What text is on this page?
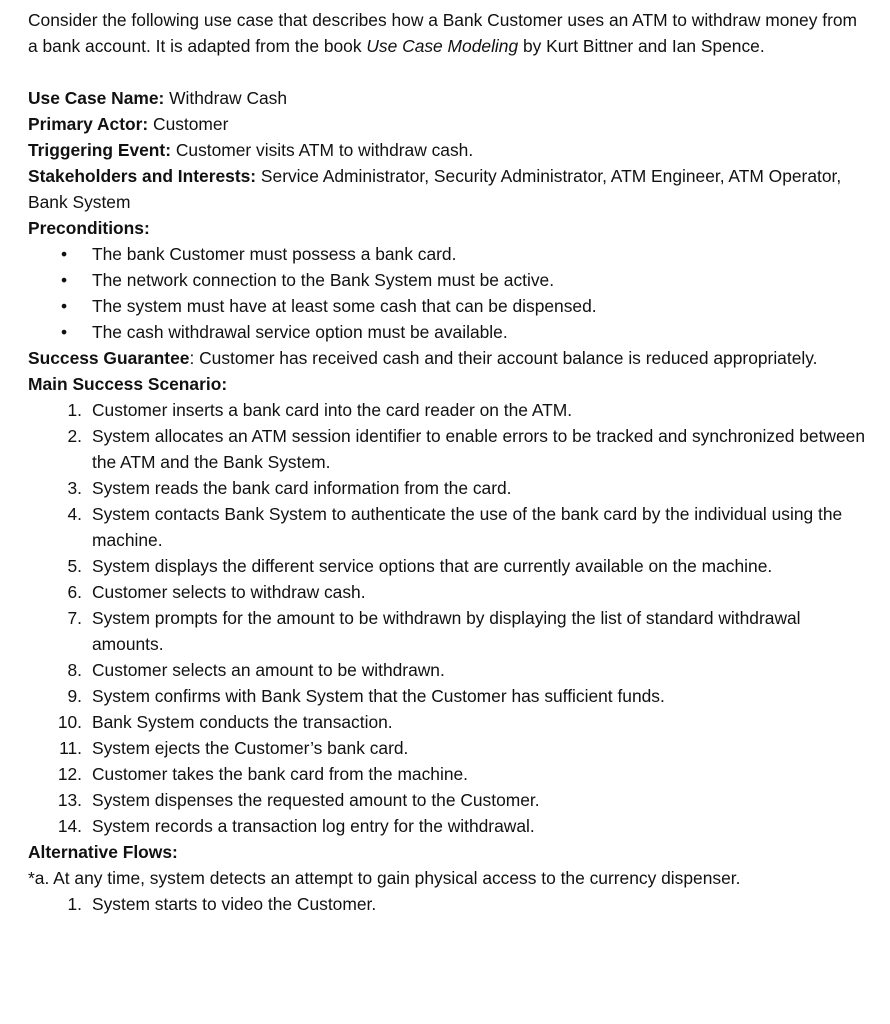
Consider the following use case that describes how a Bank Customer uses an ATM to withdraw money from a bank account. It is adapted from the book Use Case Modeling by Kurt Bittner and Ian Spence.

Use Case Name: Withdraw Cash

Primary Actor: Customer

Triggering Event: Customer visits ATM to withdraw cash.

Stakeholders and Interests: Service Administrator, Security Administrator, ATM Engineer, ATM Operator, Bank System

Preconditions:

• The bank Customer must possess a bank card.
• The network connection to the Bank System must be active.
• The system must have at least some cash that can be dispensed.
• The cash withdrawal service option must be available.

Success Guarantee: Customer has received cash and their account balance is reduced appropriately.

Main Success Scenario:

1. Customer inserts a bank card into the card reader on the ATM.
2. System allocates an ATM session identifier to enable errors to be tracked and synchronized between the ATM and the Bank System.
3. System reads the bank card information from the card.
4. System contacts Bank System to authenticate the use of the bank card by the individual using the machine.
5. System displays the different service options that are currently available on the machine.
6. Customer selects to withdraw cash.
7. System prompts for the amount to be withdrawn by displaying the list of standard withdrawal amounts.
8. Customer selects an amount to be withdrawn.
9. System confirms with Bank System that the Customer has sufficient funds.
10. Bank System conducts the transaction.
11. System ejects the Customer’s bank card.
12. Customer takes the bank card from the machine.
13. System dispenses the requested amount to the Customer.
14. System records a transaction log entry for the withdrawal.

Alternative Flows:

*a. At any time, system detects an attempt to gain physical access to the currency dispenser.

1. System starts to video the Customer.
